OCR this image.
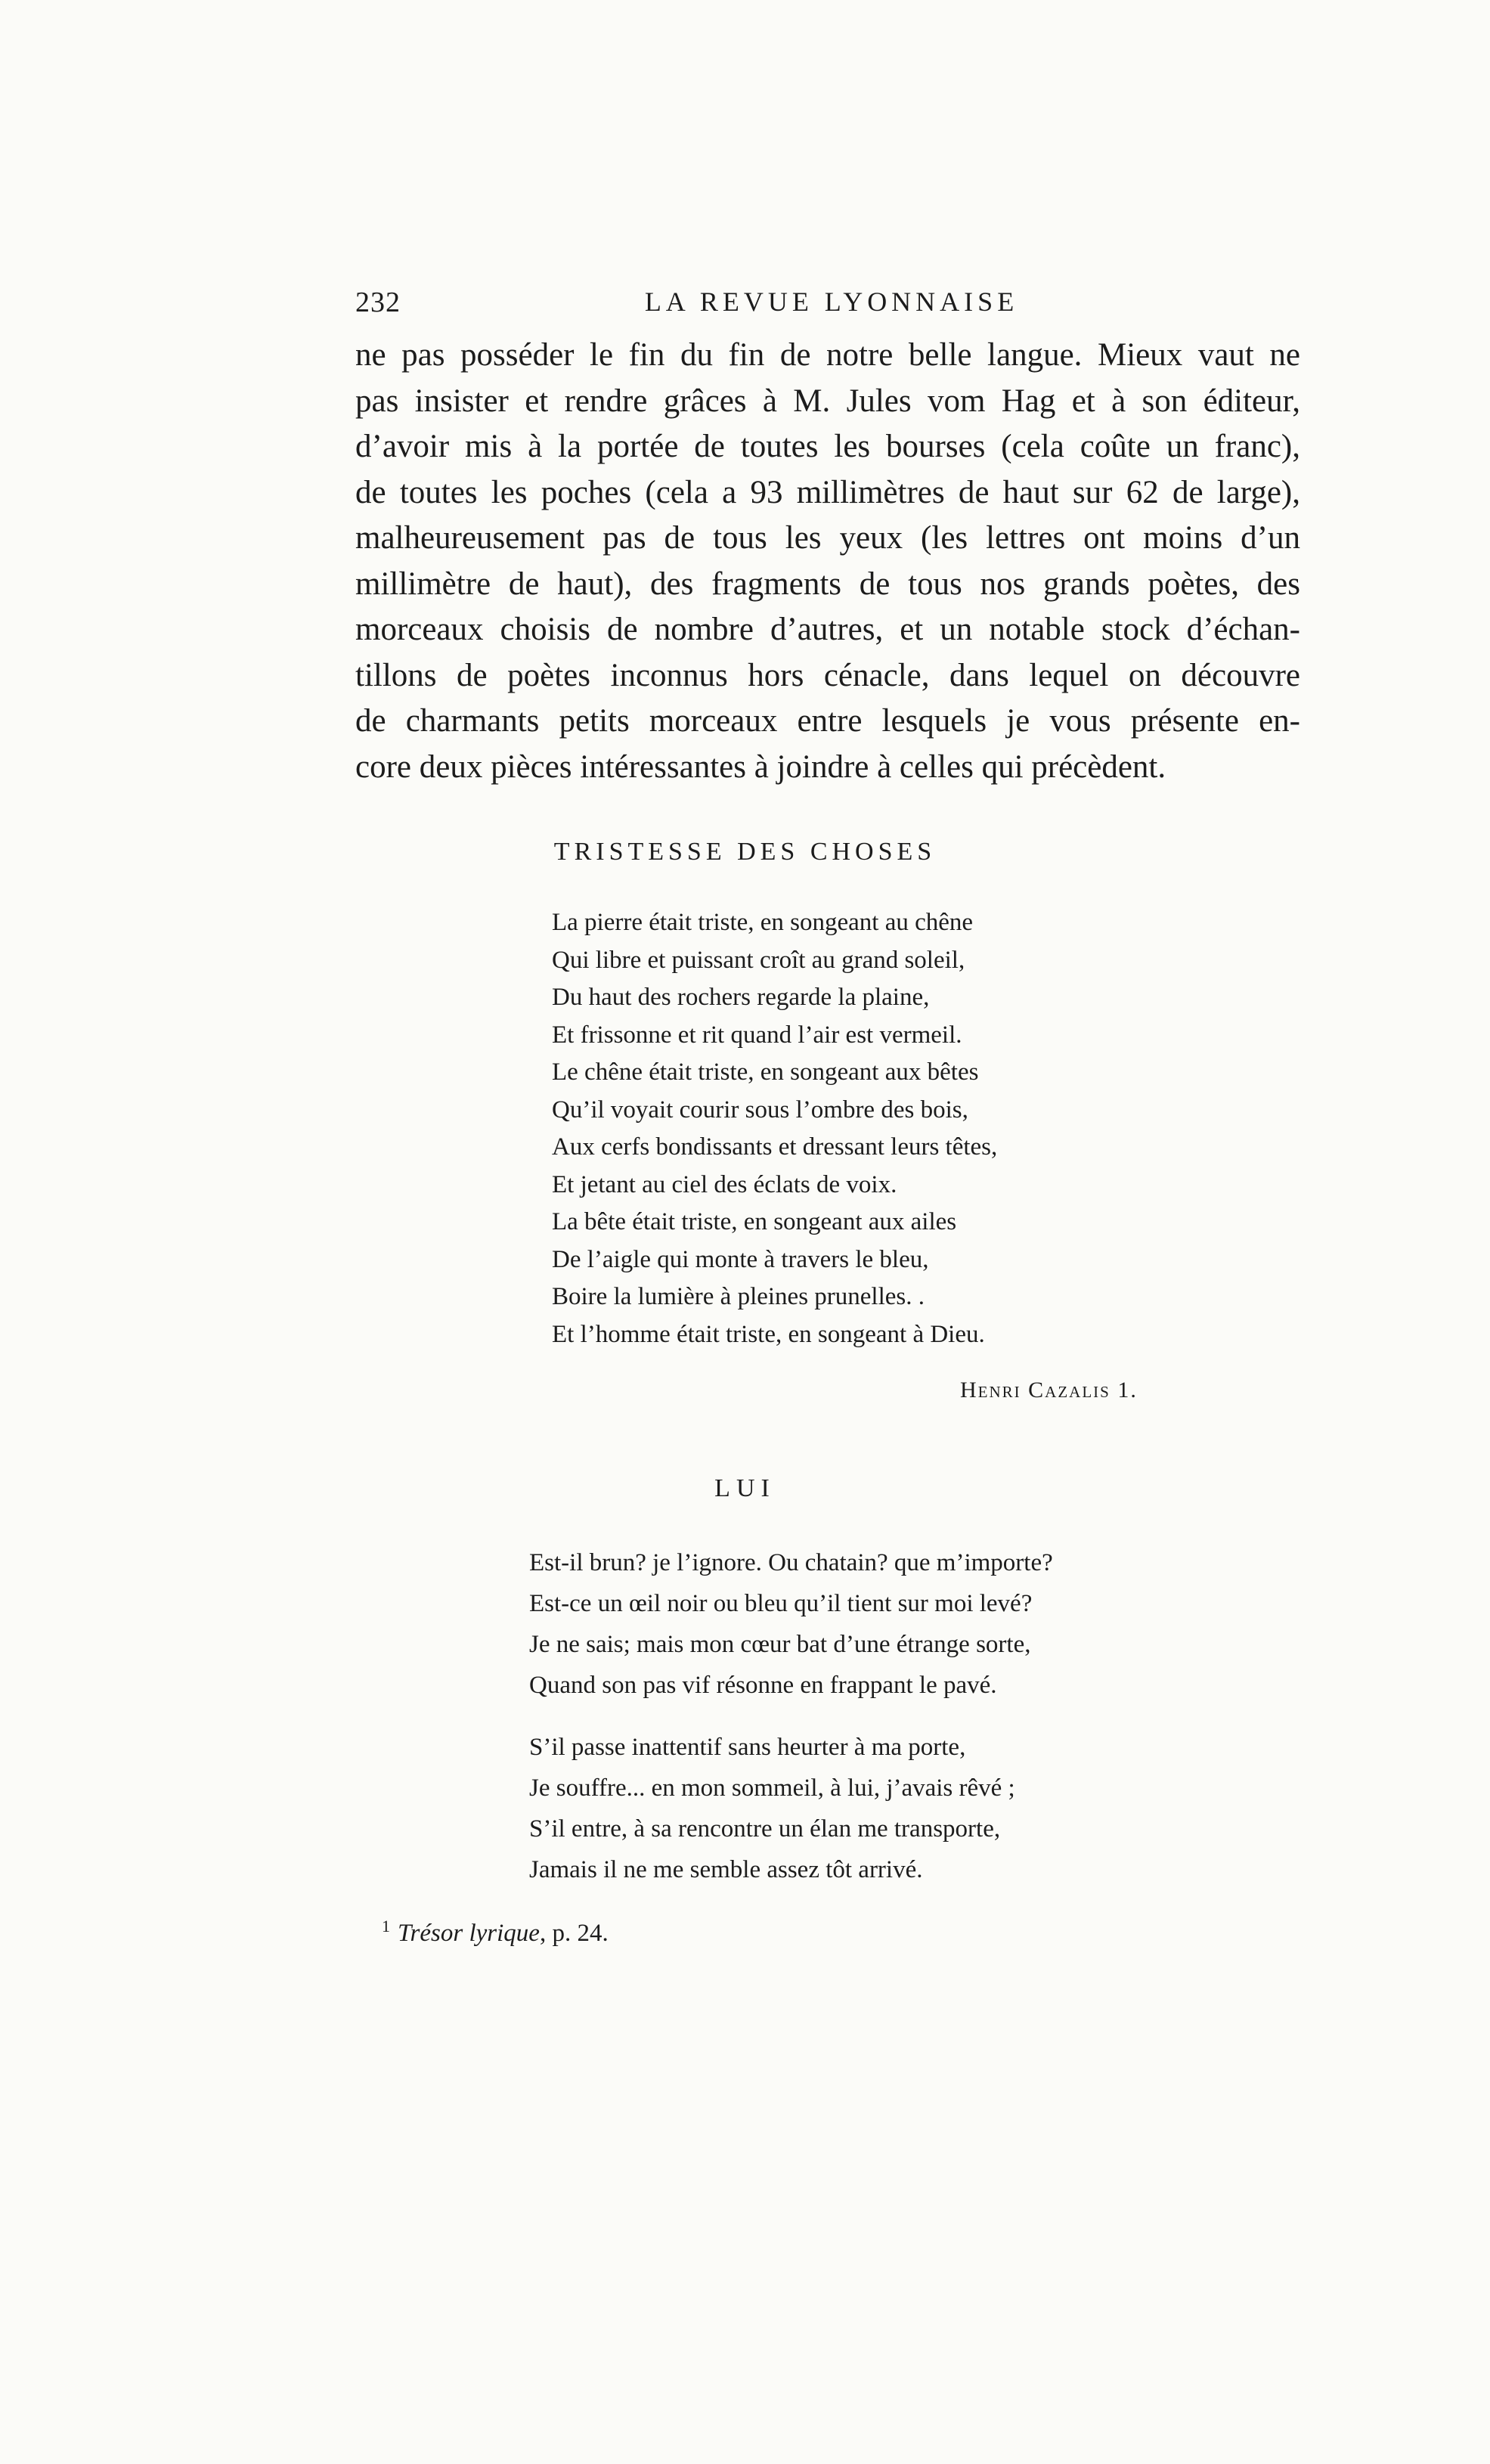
232	LA REVUE LYONNAISE
ne pas posséder le fin du fin de notre belle langue. Mieux vaut ne
pas insister et rendre grâces à M. Jules vom Hag et à son éditeur,
d’avoir mis à la portée de toutes les bourses (cela coûte un franc),
de toutes les poches (cela a 93 millimètres de haut sur 62 de large),
malheureusement pas de tous les yeux (les lettres ont moins d’un
millimètre de haut), des fragments de tous nos grands poètes, des
morceaux choisis de nombre d’autres, et un notable stock d’échan-
tillons de poètes inconnus hors cénacle, dans lequel on découvre
de charmants petits morceaux entre lesquels je vous présente en-
core deux pièces intéressantes à joindre à celles qui précèdent.
TRISTESSE DES CHOSES
La pierre était triste, en songeant au chêne
Qui libre et puissant croît au grand soleil,
Du haut des rochers regarde la plaine,
Et frissonne et rit quand l’air est vermeil.
Le chêne était triste, en songeant aux bêtes
Qu’il voyait courir sous l’ombre des bois,
Aux cerfs bondissants et dressant leurs têtes,
Et jetant au ciel des éclats de voix.
La bête était triste, en songeant aux ailes
De l’aigle qui monte à travers le bleu,
Boire la lumière à pleines prunelles. .
Et l’homme était triste, en songeant à Dieu.
Henri Cazalis 1.
LUI
Est-il brun? je l’ignore. Ou chatain? que m’importe?
Est-ce un œil noir ou bleu qu’il tient sur moi levé?
Je ne sais; mais mon cœur bat d’une étrange sorte,
Quand son pas vif résonne en frappant le pavé.
S’il passe inattentif sans heurter à ma porte,
Je souffre... en mon sommeil, à lui, j’avais rêvé ;
S’il entre, à sa rencontre un élan me transporte,
Jamais il ne me semble assez tôt arrivé.
$^1$ Trésor lyrique, p. 24.
